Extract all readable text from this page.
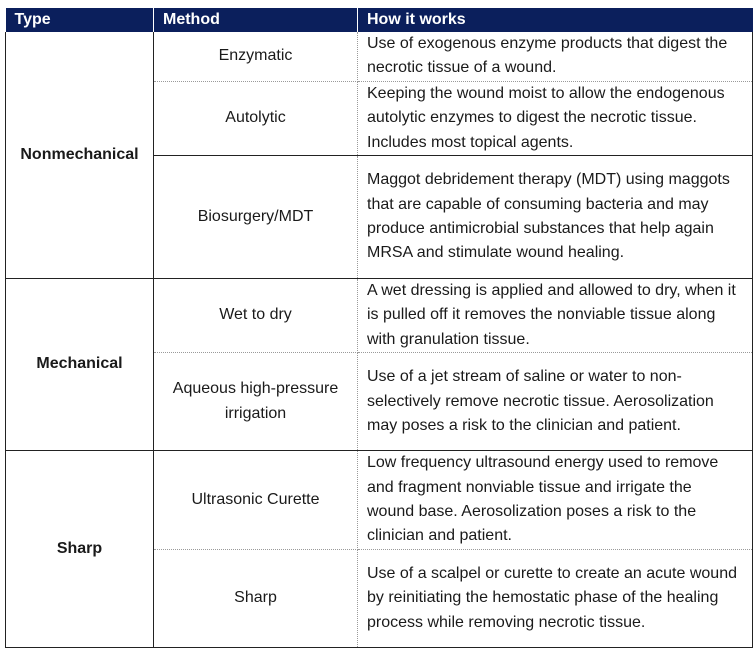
Type	Method	How it works
Nonmechanical	Enzymatic	Use of exogenous enzyme products that digest the necrotic tissue of a wound.
	Autolytic	Keeping the wound moist to allow the endogenous autolytic enzymes to digest the necrotic tissue. Includes most topical agents.
	Biosurgery/MDT	Maggot debridement therapy (MDT) using maggots that are capable of consuming bacteria and may produce antimicrobial substances that help again MRSA and stimulate wound healing.
Mechanical	Wet to dry	A wet dressing is applied and allowed to dry, when it is pulled off it removes the nonviable tissue along with granulation tissue.
	Aqueous high-pressure irrigation	Use of a jet stream of saline or water to non-selectively remove necrotic tissue. Aerosolization may poses a risk to the clinician and patient.
Sharp	Ultrasonic Curette	Low frequency ultrasound energy used to remove and fragment nonviable tissue and irrigate the wound base. Aerosolization poses a risk to the clinician and patient.
	Sharp	Use of a scalpel or curette to create an acute wound by reinitiating the hemostatic phase of the healing process while removing necrotic tissue.
